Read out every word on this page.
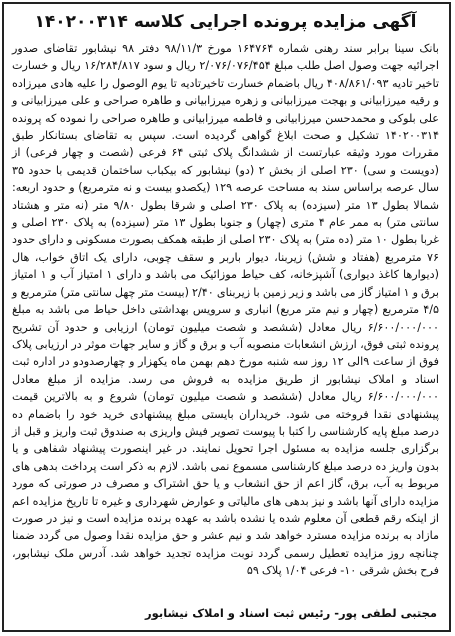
آگهی مزایده پرونده اجرایی کلاسه ۱۴۰۲۰۰۳۱۴

بانک سینا برابر سند رهنی شماره ۱۶۴۷۶۴ مورخ ۹۸/۱۱/۳ دفتر ۹۸ نیشابور تقاضای صدور اجرائیه جهت وصول اصل طلب مبلغ ۲/۰۷۶/۰۷۶/۴۵۴ ریال و سود ۱۶/۲۸۴/۸۱۷ ریال و خسارت تاخیر تادیه ۴۰۸/۸۶۱/۰۹۳ ریال باضمام خسارت تاخیرتادیه تا یوم الوصول را علیه هادی میرزاده و رقیه میرزابیانی و بهجت میرزابیانی و زهره میرزابیانی و طاهره صراحی و علی میرزابیانی و علی بلوکی و محمدحسن میرزابیانی و فاطمه میرزابیانی و طاهره صراحی را نموده که پرونده ۱۴۰۲۰۰۳۱۴ تشکیل و صحت ابلاغ گواهی گردیده است. سپس به تقاضای بستانکار طبق مقررات مورد وثیقه عبارتست از ششدانگ پلاک ثبتی ۶۴ فرعی (شصت و چهار فرعی) از (دویست و سی) ۲۳۰ اصلی از بخش ۲ (دو) نیشابور که بیکباب ساختمان قدیمی با حدود ۳۵ سال عرصه براساس سند به مساحت عرصه ۱۲۹ (یکصدو بیست و نه مترمربع) و حدود اربعه: شمالا بطول ۱۳ متر (سیزده) به پلاک ۲۳۰ اصلی و شرقا بطول ۹/۸۰ متر (نه متر و هشتاد سانتی متر) به ممر عام ۴ متری (چهار) و جنوبا بطول ۱۳ متر (سیزده) به پلاک ۲۳۰ اصلی و غربا بطول ۱۰ متر (ده متر) به پلاک ۲۳۰ اصلی از طبقه همکف بصورت مسکونی و دارای حدود ۷۶ مترمربع (هفتاد و شش) زیربنا، دیوار باربر و سقف چوبی، دارای یک اتاق خواب، هال (دیوارها کاغذ دیواری) آشپزخانه، کف حیاط موزائیک می باشد و دارای ۱ امتیاز آب و ۱ امتیاز برق و ۱ امتیاز گاز می باشد و زیر زمین با زیربنای ۲/۴۰ (بیست متر چهل سانتی متر) مترمربع و ۴/۵ مترمربع (چهار و نیم متر مربع) انباری و سرویس بهداشتی داخل حیاط می باشد به مبلغ ۶/۶۰۰/۰۰۰/۰۰۰ ریال معادل (ششصد و شصت میلیون تومان) ارزیابی و حدود آن تشریح پرونده ثبتی فوق، ارزش انشعابات منصوبه آب و برق و گاز و سایر جهات موثر در ارزیابی پلاک فوق از ساعت ۹الی ۱۲ روز سه شنبه مورخ دهم بهمن ماه یکهزار و چهارصدودو در اداره ثبت اسناد و املاک نیشابور از طریق مزایده به فروش می رسد. مزایده از مبلغ معادل ۶/۶۰۰/۰۰۰/۰۰۰ ریال معادل (ششصد و شصت میلیون تومان) شروع و به بالاترین قیمت پیشنهادی نقدا فروخته می شود. خریداران بایستی مبلغ پیشنهادی خرید خود را باضمام ده درصد مبلغ پایه کارشناسی را کتبا با پیوست تصویر فیش واریزی به صندوق ثبت واریز و قبل از برگزاری جلسه مزایده به مسئول اجرا تحویل نمایند. در غیر اینصورت پیشنهاد شفاهی و یا بدون واریز ده درصد مبلغ کارشناسی مسموع نمی باشد. لازم به ذکر است پرداخت بدهی های مربوط به آب، برق، گاز اعم از حق انشعاب و یا حق اشتراک و مصرف در صورتی که مورد مزایده دارای آنها باشد و نیز بدهی های مالیاتی و عوارض شهرداری و غیره تا تاریخ مزایده اعم از اینکه رقم قطعی آن معلوم شده یا نشده باشد به عهده برنده مزایده است و نیز در صورت مازاد به برنده مزایده مسترد خواهد شد و نیم عشر و حق مزایده نقدا وصول می گردد ضمنا چنانچه روز مزایده تعطیل رسمی گردد نوبت مزایده تجدید خواهد شد. آدرس ملک نیشابور، فرح بخش شرقی ۱۰- فرعی ۱/۰۴ پلاک ۵۹

مجتبی لطفی پور- رئیس ثبت اسناد و املاک نیشابور
